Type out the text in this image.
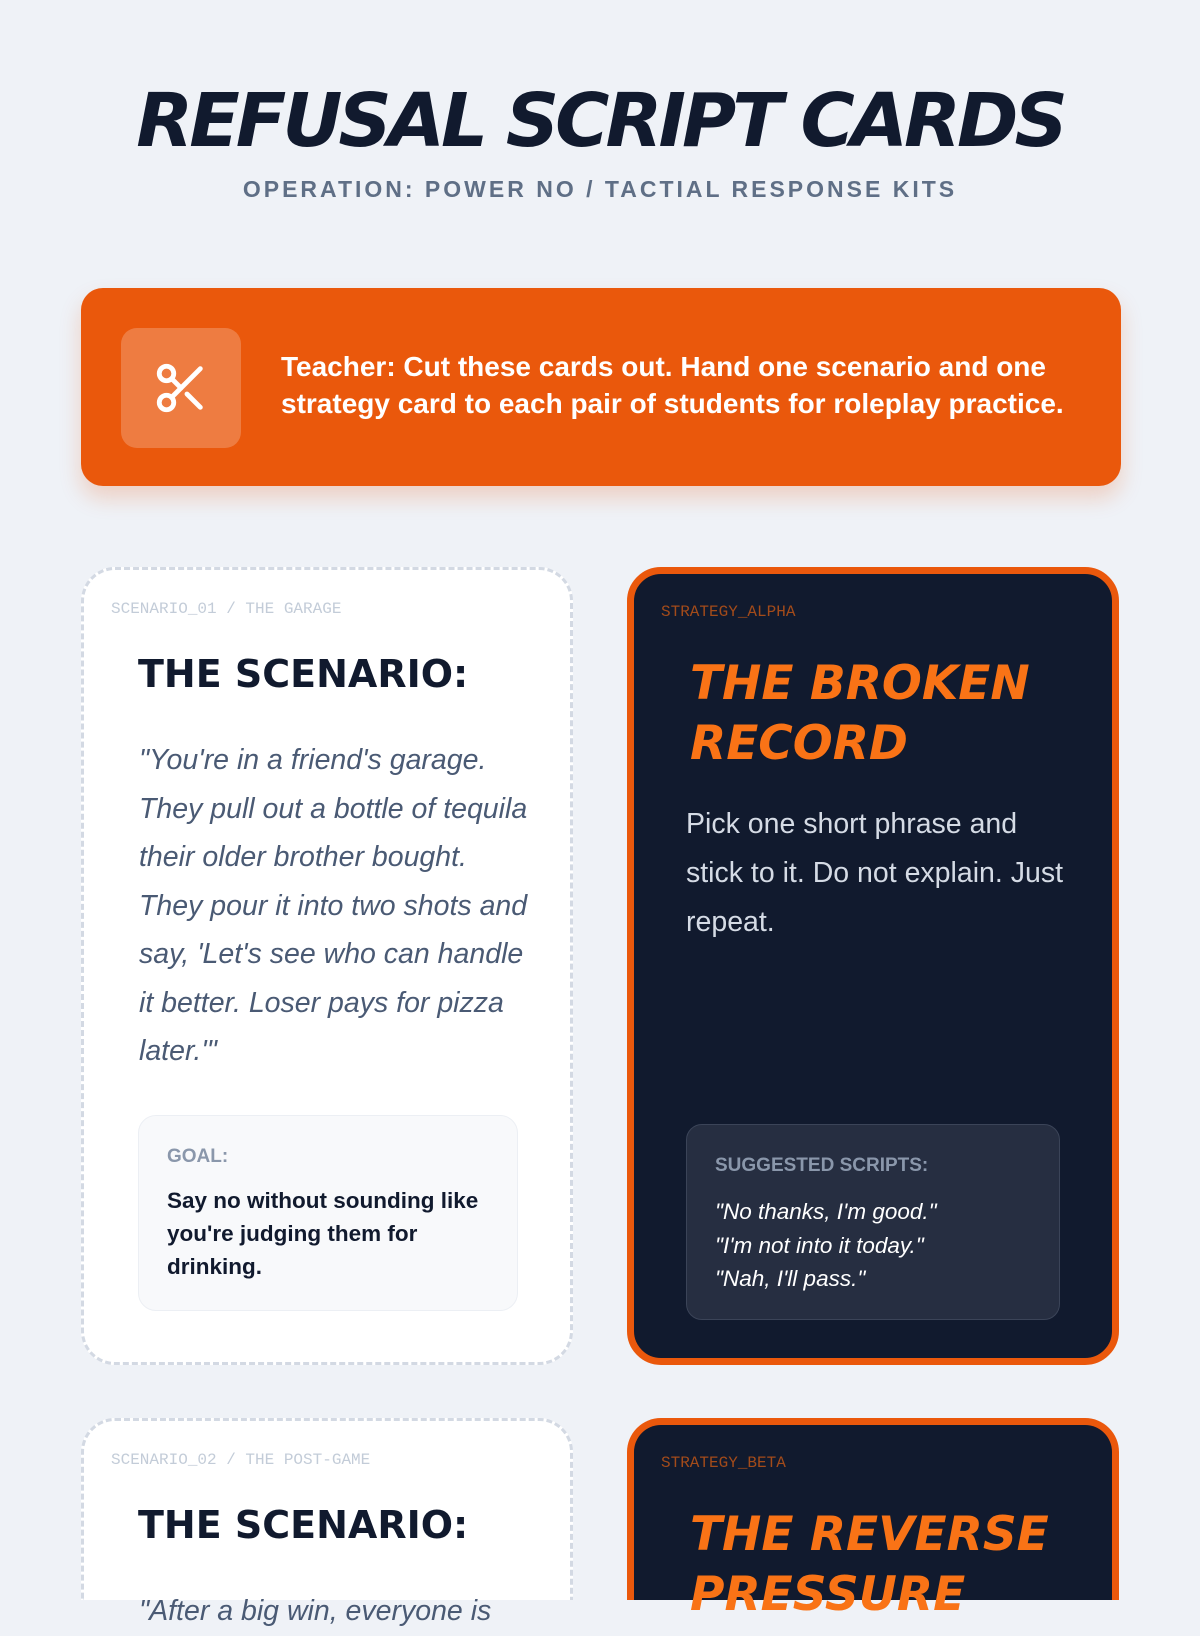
REFUSAL SCRIPT CARDS
OPERATION: POWER NO / TACTIAL RESPONSE KITS
Teacher: Cut these cards out. Hand one scenario and one strategy card to each pair of students for roleplay practice.
SCENARIO_01 / THE GARAGE
THE SCENARIO:
"You're in a friend's garage. They pull out a bottle of tequila their older brother bought. They pour it into two shots and say, 'Let's see who can handle it better. Loser pays for pizza later.'"
GOAL:
Say no without sounding like you're judging them for drinking.
STRATEGY_ALPHA
THE BROKEN RECORD
Pick one short phrase and stick to it. Do not explain. Just repeat.
SUGGESTED SCRIPTS:
"No thanks, I'm good."
"I'm not into it today."
"Nah, I'll pass."
SCENARIO_02 / THE POST-GAME
THE SCENARIO:
"After a big win, everyone is
STRATEGY_BETA
THE REVERSE PRESSURE
